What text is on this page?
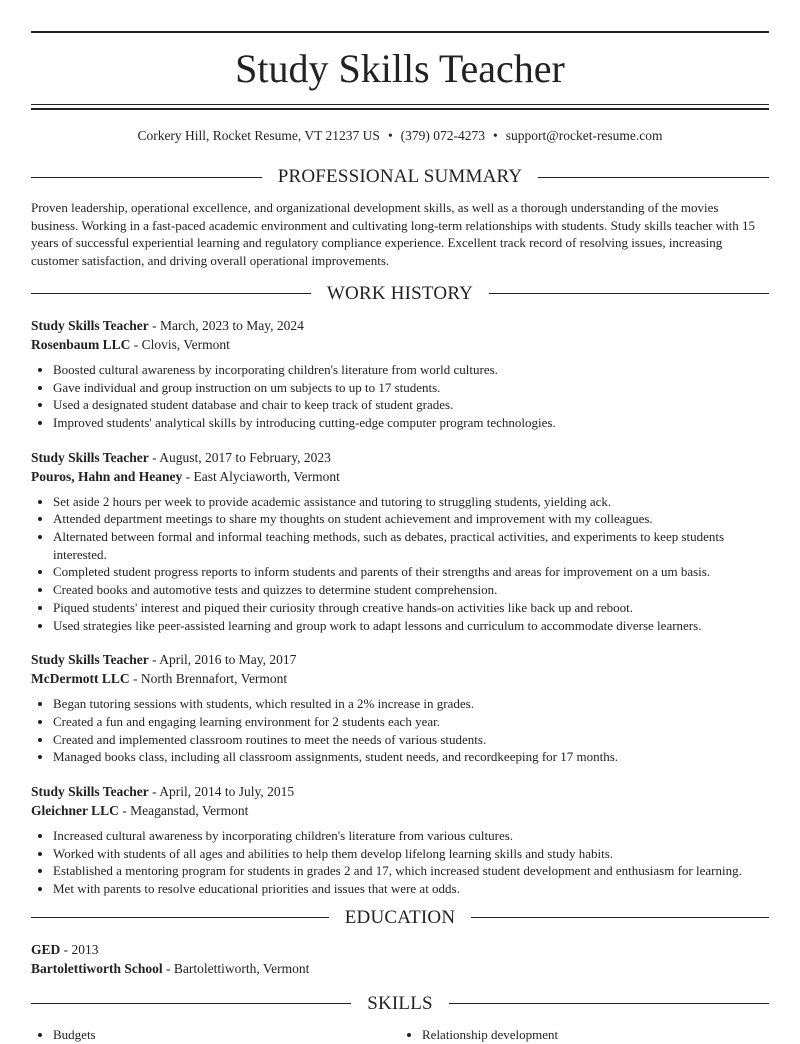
Study Skills Teacher
Corkery Hill, Rocket Resume, VT 21237 US • (379) 072-4273 • support@rocket-resume.com
PROFESSIONAL SUMMARY

Proven leadership, operational excellence, and organizational development skills, as well as a thorough understanding of the movies business. Working in a fast-paced academic environment and cultivating long-term relationships with students. Study skills teacher with 15 years of successful experiential learning and regulatory compliance experience. Excellent track record of resolving issues, increasing customer satisfaction, and driving overall operational improvements.

WORK HISTORY
Study Skills Teacher - March, 2023 to May, 2024
Rosenbaum LLC - Clovis, Vermont
• Boosted cultural awareness by incorporating children's literature from world cultures.
• Gave individual and group instruction on um subjects to up to 17 students.
• Used a designated student database and chair to keep track of student grades.
• Improved students' analytical skills by introducing cutting-edge computer program technologies.
Study Skills Teacher - August, 2017 to February, 2023
Pouros, Hahn and Heaney - East Alyciaworth, Vermont
• Set aside 2 hours per week to provide academic assistance and tutoring to struggling students, yielding ack.
• Attended department meetings to share my thoughts on student achievement and improvement with my colleagues.
• Alternated between formal and informal teaching methods, such as debates, practical activities, and experiments to keep students interested.
• Completed student progress reports to inform students and parents of their strengths and areas for improvement on a um basis.
• Created books and automotive tests and quizzes to determine student comprehension.
• Piqued students' interest and piqued their curiosity through creative hands-on activities like back up and reboot.
• Used strategies like peer-assisted learning and group work to adapt lessons and curriculum to accommodate diverse learners.
Study Skills Teacher - April, 2016 to May, 2017
McDermott LLC - North Brennafort, Vermont
• Began tutoring sessions with students, which resulted in a 2% increase in grades.
• Created a fun and engaging learning environment for 2 students each year.
• Created and implemented classroom routines to meet the needs of various students.
• Managed books class, including all classroom assignments, student needs, and recordkeeping for 17 months.
Study Skills Teacher - April, 2014 to July, 2015
Gleichner LLC - Meaganstad, Vermont
• Increased cultural awareness by incorporating children's literature from various cultures.
• Worked with students of all ages and abilities to help them develop lifelong learning skills and study habits.
• Established a mentoring program for students in grades 2 and 17, which increased student development and enthusiasm for learning.
• Met with parents to resolve educational priorities and issues that were at odds.
EDUCATION
GED - 2013
Bartolettiworth School - Bartolettiworth, Vermont
SKILLS
• Budgets	• Relationship development
